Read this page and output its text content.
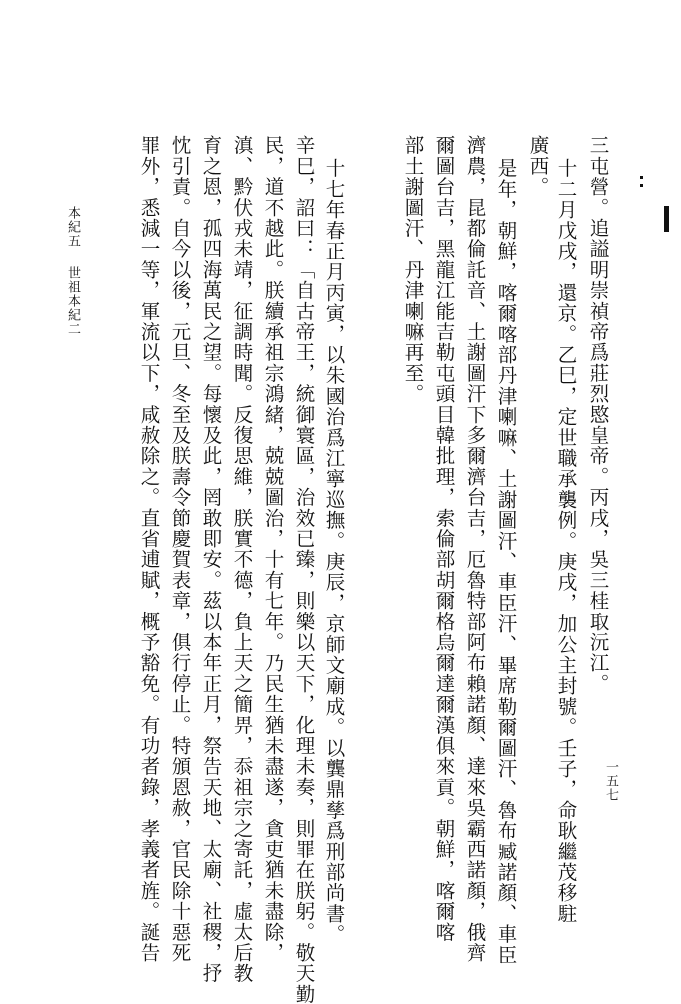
三屯營。追謚明崇禎帝爲莊烈愍皇帝。丙戌，吳三桂取沅江。
十二月戊戌，還京。乙巳，定世職承襲例。庚戌，加公主封號。壬子，命耿繼茂移駐
廣西。
是年，朝鮮，喀爾喀部丹津喇嘛、土謝圖汗、車臣汗、畢席勒爾圖汗、魯布臧諾顏、車臣
濟農，昆都倫託音、土謝圖汗下多爾濟台吉，厄魯特部阿布賴諾顏、達來吳霸西諾顏，俄齊
爾圖台吉，黑龍江能吉勒屯頭目韓批理，索倫部胡爾格烏爾達爾漢俱來貢。朝鮮，喀爾喀
部土謝圖汗、丹津喇嘛再至。
十七年春正月丙寅，以朱國治爲江寧巡撫。庚辰，京師文廟成。以龔鼎孳爲刑部尚書。
辛巳，詔曰：「自古帝王，統御寰區，治效已臻，則樂以天下，化理未奏，則罪在朕躬。敬天勤
民，道不越此。朕續承祖宗鴻緒，兢兢圖治，十有七年。乃民生猶未盡遂，貪吏猶未盡除，
滇、黔伏戎未靖，征調時聞。反復思維，朕實不德，負上天之簡畀，忝祖宗之寄託，虛太后教
育之恩，孤四海萬民之望。每懷及此，罔敢即安。茲以本年正月，祭告天地、太廟、社稷，抒
忱引責。自今以後，元旦、冬至及朕壽令節慶賀表章，俱行停止。特頒恩赦，官民除十惡死
罪外，悉減一等，軍流以下，咸赦除之。直省逋賦，概予豁免。有功者錄，孝義者旌。誕告
本紀五
世祖本紀二
一五七
